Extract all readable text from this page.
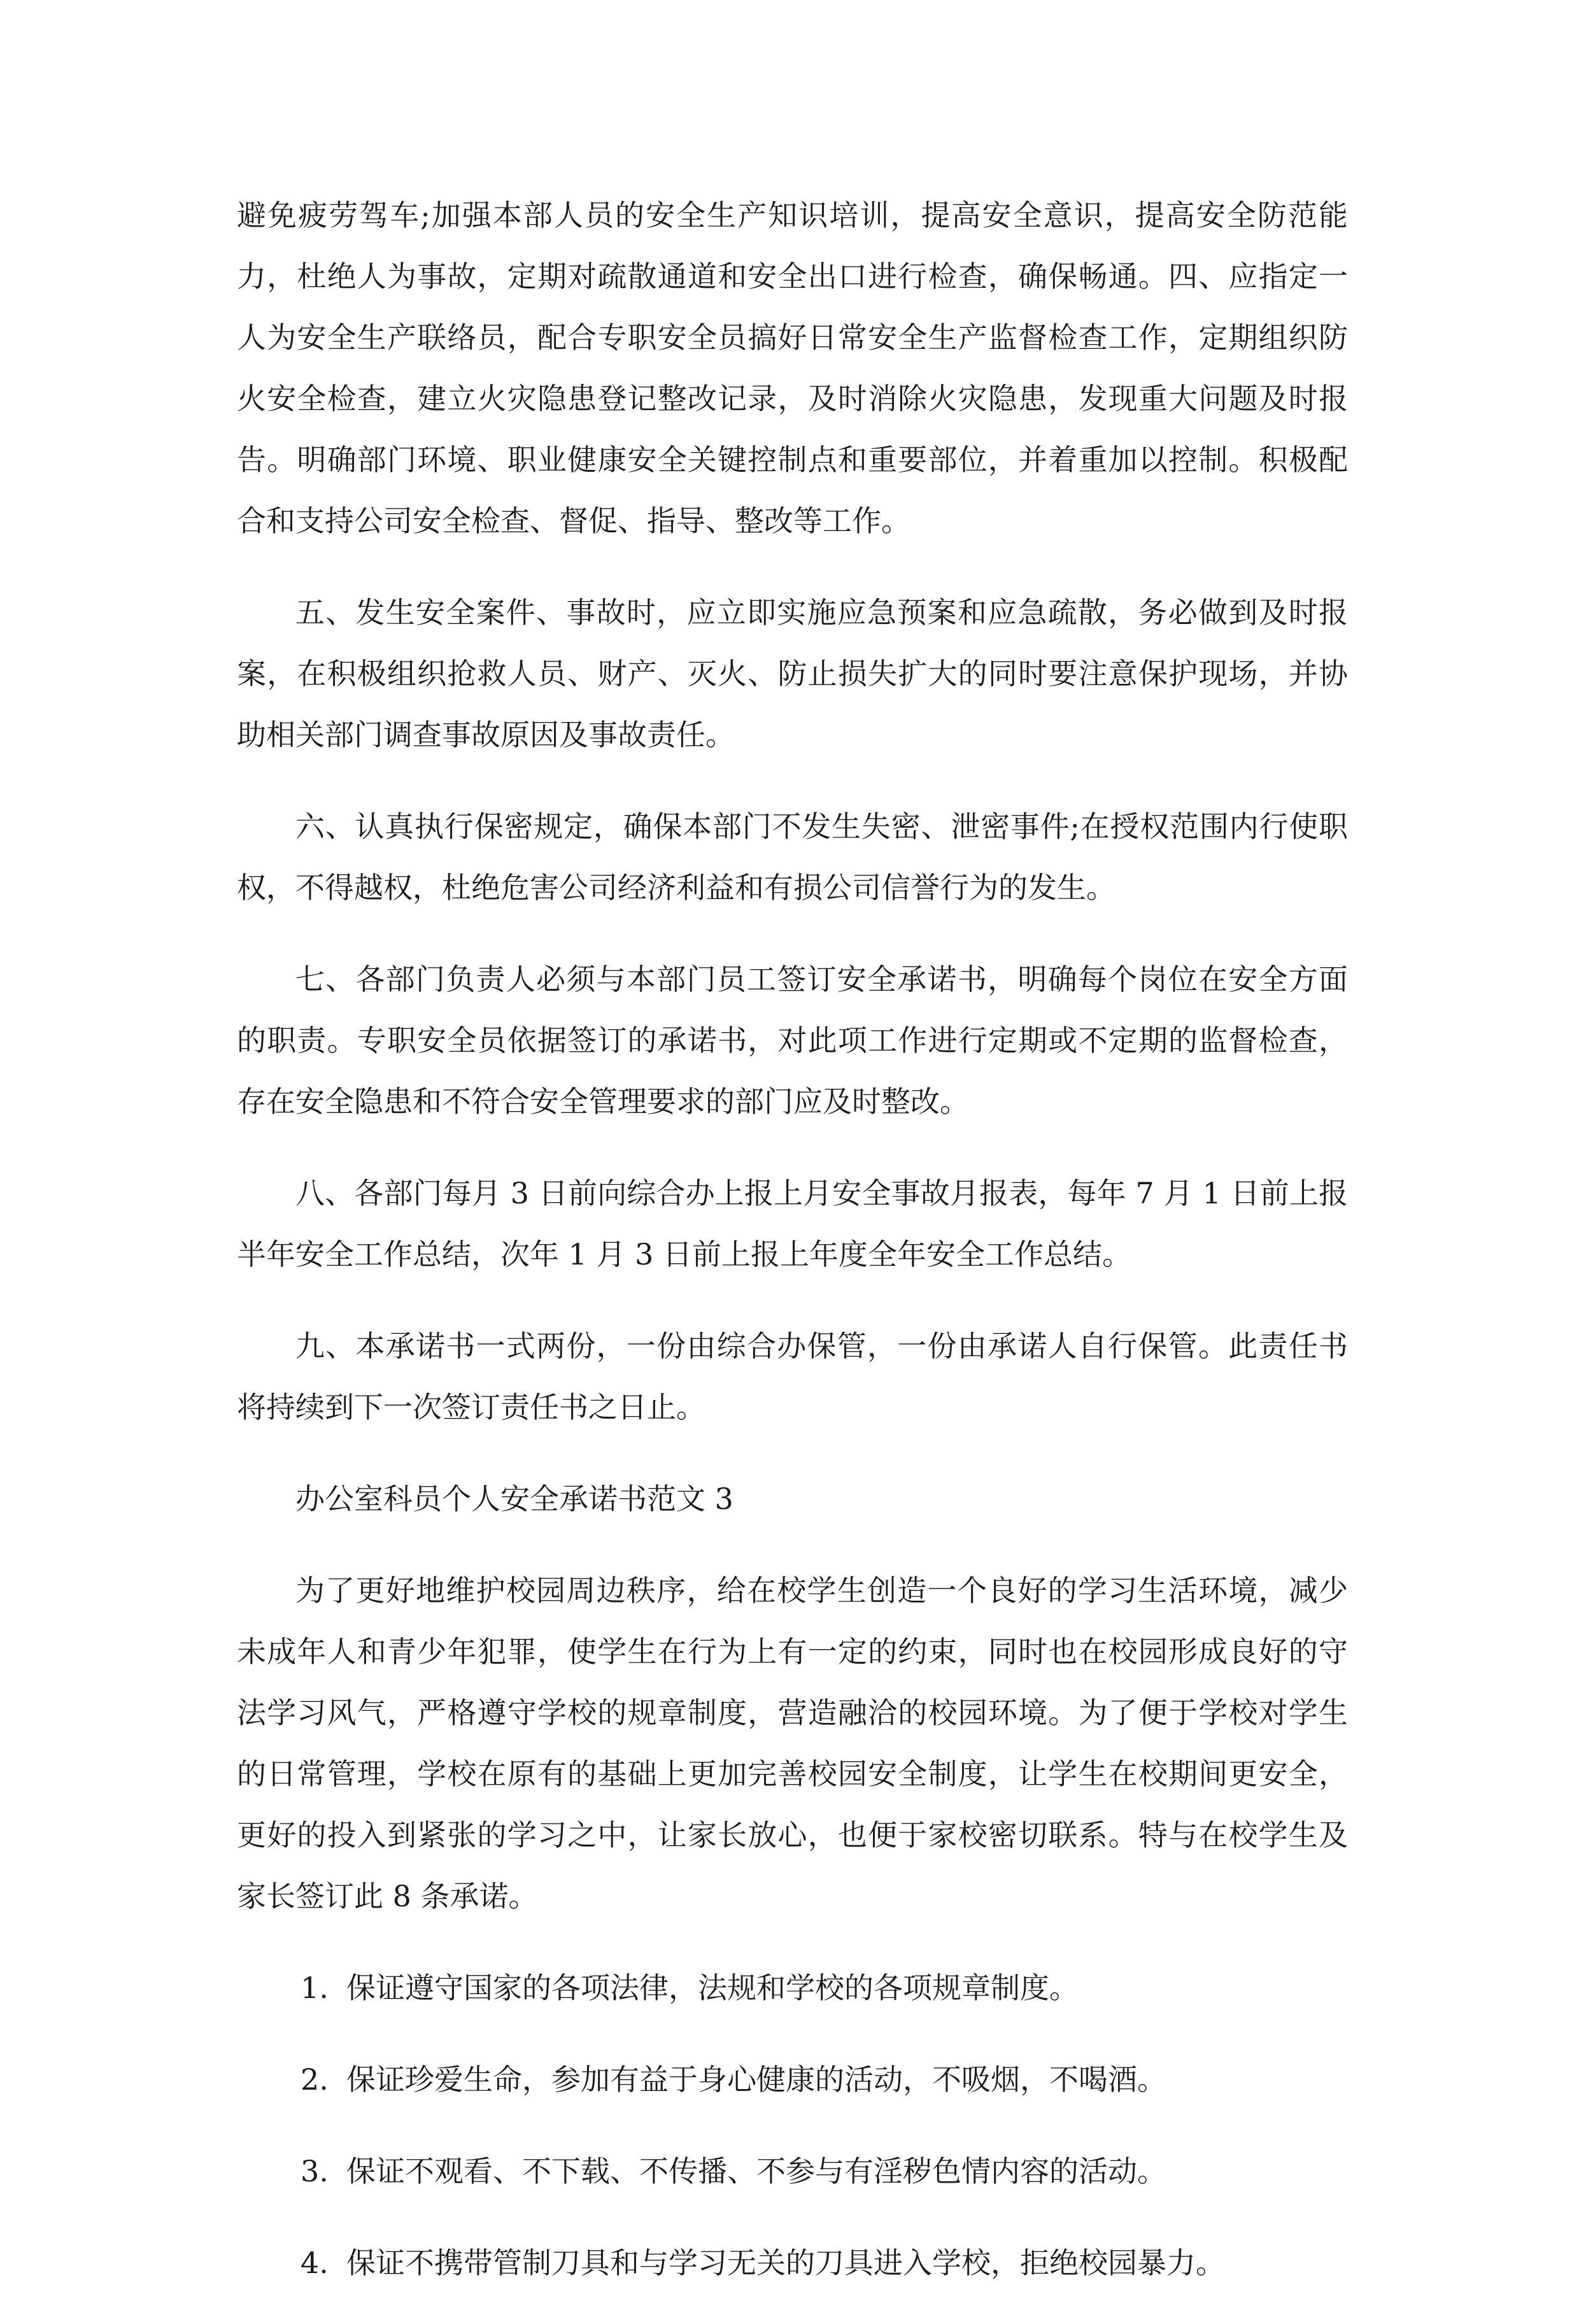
避免疲劳驾车;加强本部人员的安全生产知识培训，提高安全意识，提高安全防范能力，杜绝人为事故，定期对疏散通道和安全出口进行检查，确保畅通。四、应指定一人为安全生产联络员，配合专职安全员搞好日常安全生产监督检查工作，定期组织防火安全检查，建立火灾隐患登记整改记录，及时消除火灾隐患，发现重大问题及时报告。明确部门环境、职业健康安全关键控制点和重要部位，并着重加以控制。积极配合和支持公司安全检查、督促、指导、整改等工作。

五、发生安全案件、事故时，应立即实施应急预案和应急疏散，务必做到及时报案，在积极组织抢救人员、财产、灭火、防止损失扩大的同时要注意保护现场，并协助相关部门调查事故原因及事故责任。

六、认真执行保密规定，确保本部门不发生失密、泄密事件;在授权范围内行使职权，不得越权，杜绝危害公司经济利益和有损公司信誉行为的发生。

七、各部门负责人必须与本部门员工签订安全承诺书，明确每个岗位在安全方面的职责。专职安全员依据签订的承诺书，对此项工作进行定期或不定期的监督检查，存在安全隐患和不符合安全管理要求的部门应及时整改。

八、各部门每月 3 日前向综合办上报上月安全事故月报表，每年 7 月 1 日前上报半年安全工作总结，次年 1 月 3 日前上报上年度全年安全工作总结。

九、本承诺书一式两份，一份由综合办保管，一份由承诺人自行保管。此责任书将持续到下一次签订责任书之日止。

办公室科员个人安全承诺书范文 3

为了更好地维护校园周边秩序，给在校学生创造一个良好的学习生活环境，减少未成年人和青少年犯罪，使学生在行为上有一定的约束，同时也在校园形成良好的守法学习风气，严格遵守学校的规章制度，营造融洽的校园环境。为了便于学校对学生的日常管理，学校在原有的基础上更加完善校园安全制度，让学生在校期间更安全，更好的投入到紧张的学习之中，让家长放心，也便于家校密切联系。特与在校学生及家长签订此 8 条承诺。

1. 保证遵守国家的各项法律，法规和学校的各项规章制度。
2. 保证珍爱生命，参加有益于身心健康的活动，不吸烟，不喝酒。
3. 保证不观看、不下载、不传播、不参与有淫秽色情内容的活动。
4. 保证不携带管制刀具和与学习无关的刀具进入学校，拒绝校园暴力。
